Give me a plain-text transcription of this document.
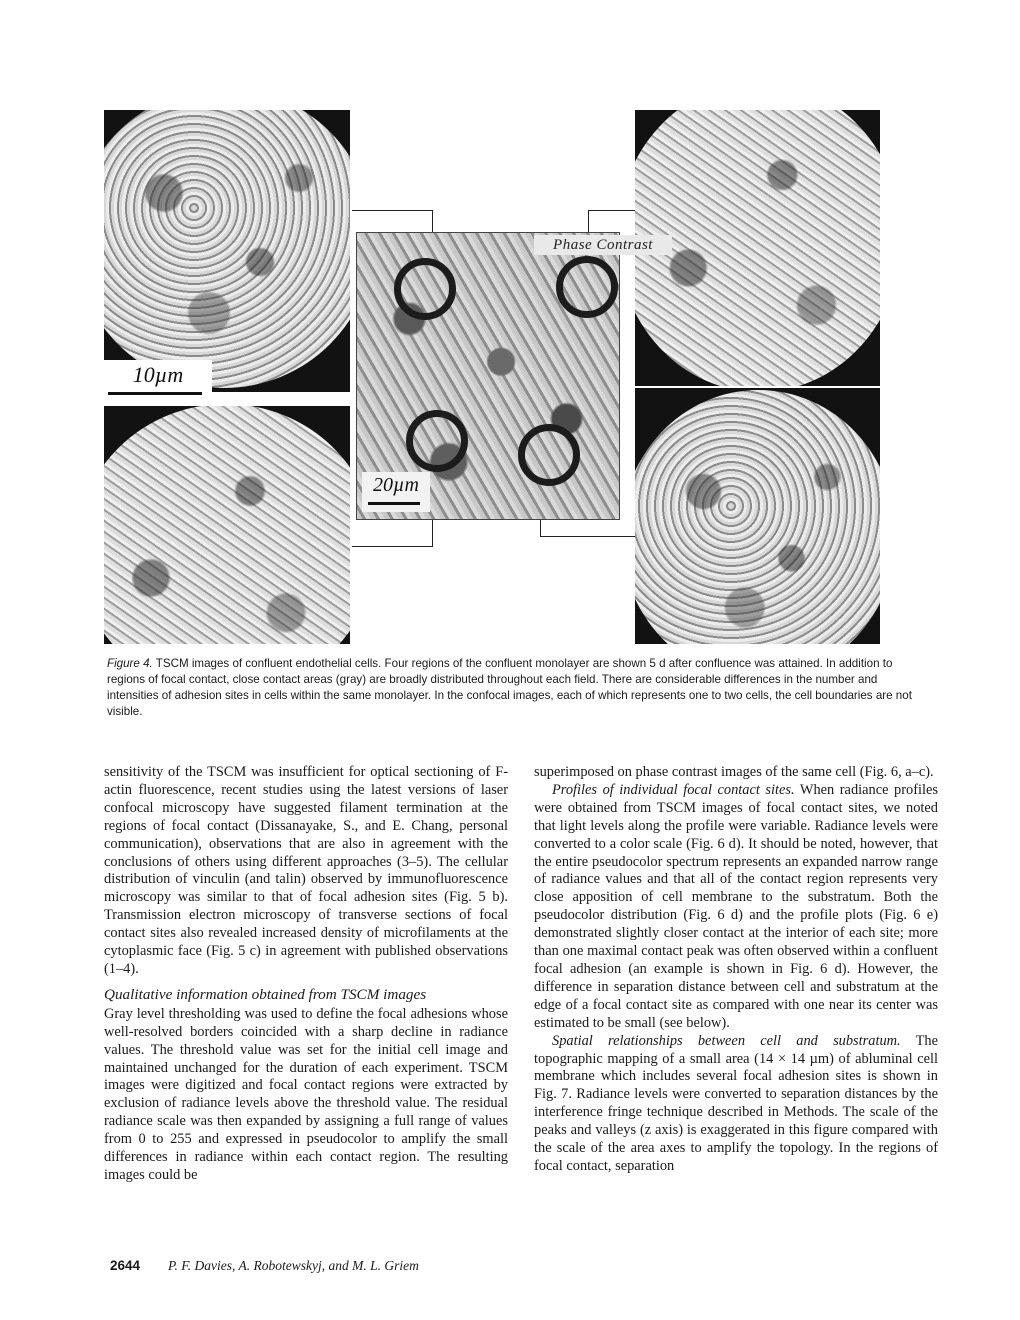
10µm
Phase Contrast
20µm
Figure 4. TSCM images of confluent endothelial cells. Four regions of the confluent monolayer are shown 5 d after confluence was attained. In addition to regions of focal contact, close contact areas (gray) are broadly distributed throughout each field. There are considerable differences in the number and intensities of adhesion sites in cells within the same monolayer. In the confocal images, each of which represents one to two cells, the cell boundaries are not visible.

sensitivity of the TSCM was insufficient for optical sectioning of F-actin fluorescence, recent studies using the latest versions of laser confocal microscopy have suggested filament termination at the regions of focal contact (Dissanayake, S., and E. Chang, personal communication), observations that are also in agreement with the conclusions of others using different approaches (3–5). The cellular distribution of vinculin (and talin) observed by immunofluorescence microscopy was similar to that of focal adhesion sites (Fig. 5 b). Transmission electron microscopy of transverse sections of focal contact sites also revealed increased density of microfilaments at the cytoplasmic face (Fig. 5 c) in agreement with published observations (1–4).

Qualitative information obtained from TSCM images

Gray level thresholding was used to define the focal adhesions whose well-resolved borders coincided with a sharp decline in radiance values. The threshold value was set for the initial cell image and maintained unchanged for the duration of each experiment. TSCM images were digitized and focal contact regions were extracted by exclusion of radiance levels above the threshold value. The residual radiance scale was then expanded by assigning a full range of values from 0 to 255 and expressed in pseudocolor to amplify the small differences in radiance within each contact region. The resulting images could be

superimposed on phase contrast images of the same cell (Fig. 6, a–c).

Profiles of individual focal contact sites. When radiance profiles were obtained from TSCM images of focal contact sites, we noted that light levels along the profile were variable. Radiance levels were converted to a color scale (Fig. 6 d). It should be noted, however, that the entire pseudocolor spectrum represents an expanded narrow range of radiance values and that all of the contact region represents very close apposition of cell membrane to the substratum. Both the pseudocolor distribution (Fig. 6 d) and the profile plots (Fig. 6 e) demonstrated slightly closer contact at the interior of each site; more than one maximal contact peak was often observed within a confluent focal adhesion (an example is shown in Fig. 6 d). However, the difference in separation distance between cell and substratum at the edge of a focal contact site as compared with one near its center was estimated to be small (see below).

Spatial relationships between cell and substratum. The topographic mapping of a small area (14 × 14 µm) of abluminal cell membrane which includes several focal adhesion sites is shown in Fig. 7. Radiance levels were converted to separation distances by the interference fringe technique described in Methods. The scale of the peaks and valleys (z axis) is exaggerated in this figure compared with the scale of the area axes to amplify the topology. In the regions of focal contact, separation

2644 P. F. Davies, A. Robotewskyj, and M. L. Griem
